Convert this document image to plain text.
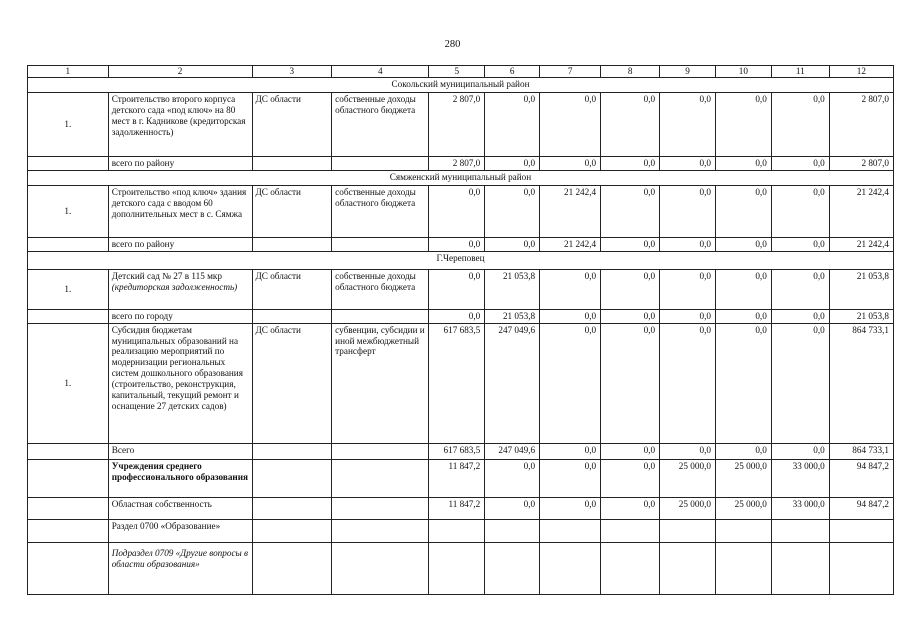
280
1	2	3	4	5	6	7	8	9	10	11	12
Сокольский муниципальный район											
1.	Строительство второго корпуса детского сада «под ключ» на 80 мест в г. Кадникове (кредиторская задолженность)	ДС области	собственные доходы областного бюджета	2 807,0	0,0	0,0	0,0	0,0	0,0	0,0	2 807,0
	всего по району			2 807,0	0,0	0,0	0,0	0,0	0,0	0,0	2 807,0
Сямженский муниципальный район											
1.	Строительство «под ключ» здания детского сада с вводом 60 дополнительных мест в с. Сямжа	ДС области	собственные доходы областного бюджета	0,0	0,0	21 242,4	0,0	0,0	0,0	0,0	21 242,4
	всего по району			0,0	0,0	21 242,4	0,0	0,0	0,0	0,0	21 242,4
Г.Череповец											
1.	Детский сад № 27 в 115 мкр (кредиторская задолженность)	ДС области	собственные доходы областного бюджета	0,0	21 053,8	0,0	0,0	0,0	0,0	0,0	21 053,8
	всего по городу			0,0	21 053,8	0,0	0,0	0,0	0,0	0,0	21 053,8
1.	Субсидия бюджетам муниципальных образований на реализацию мероприятий по модернизации региональных систем дошкольного образования (строительство, реконструкция, капитальный, текущий ремонт и оснащение 27 детских садов)	ДС области	субвенции, субсидии и иной межбюджетный трансферт	617 683,5	247 049,6	0,0	0,0	0,0	0,0	0,0	864 733,1
	Всего			617 683,5	247 049,6	0,0	0,0	0,0	0,0	0,0	864 733,1
	Учреждения среднего профессионального образования			11 847,2	0,0	0,0	0,0	25 000,0	25 000,0	33 000,0	94 847,2
	Областная собственность			11 847,2	0,0	0,0	0,0	25 000,0	25 000,0	33 000,0	94 847,2
	Раздел 0700 «Образование»										
	Подраздел 0709 «Другие вопросы в области образования»										
